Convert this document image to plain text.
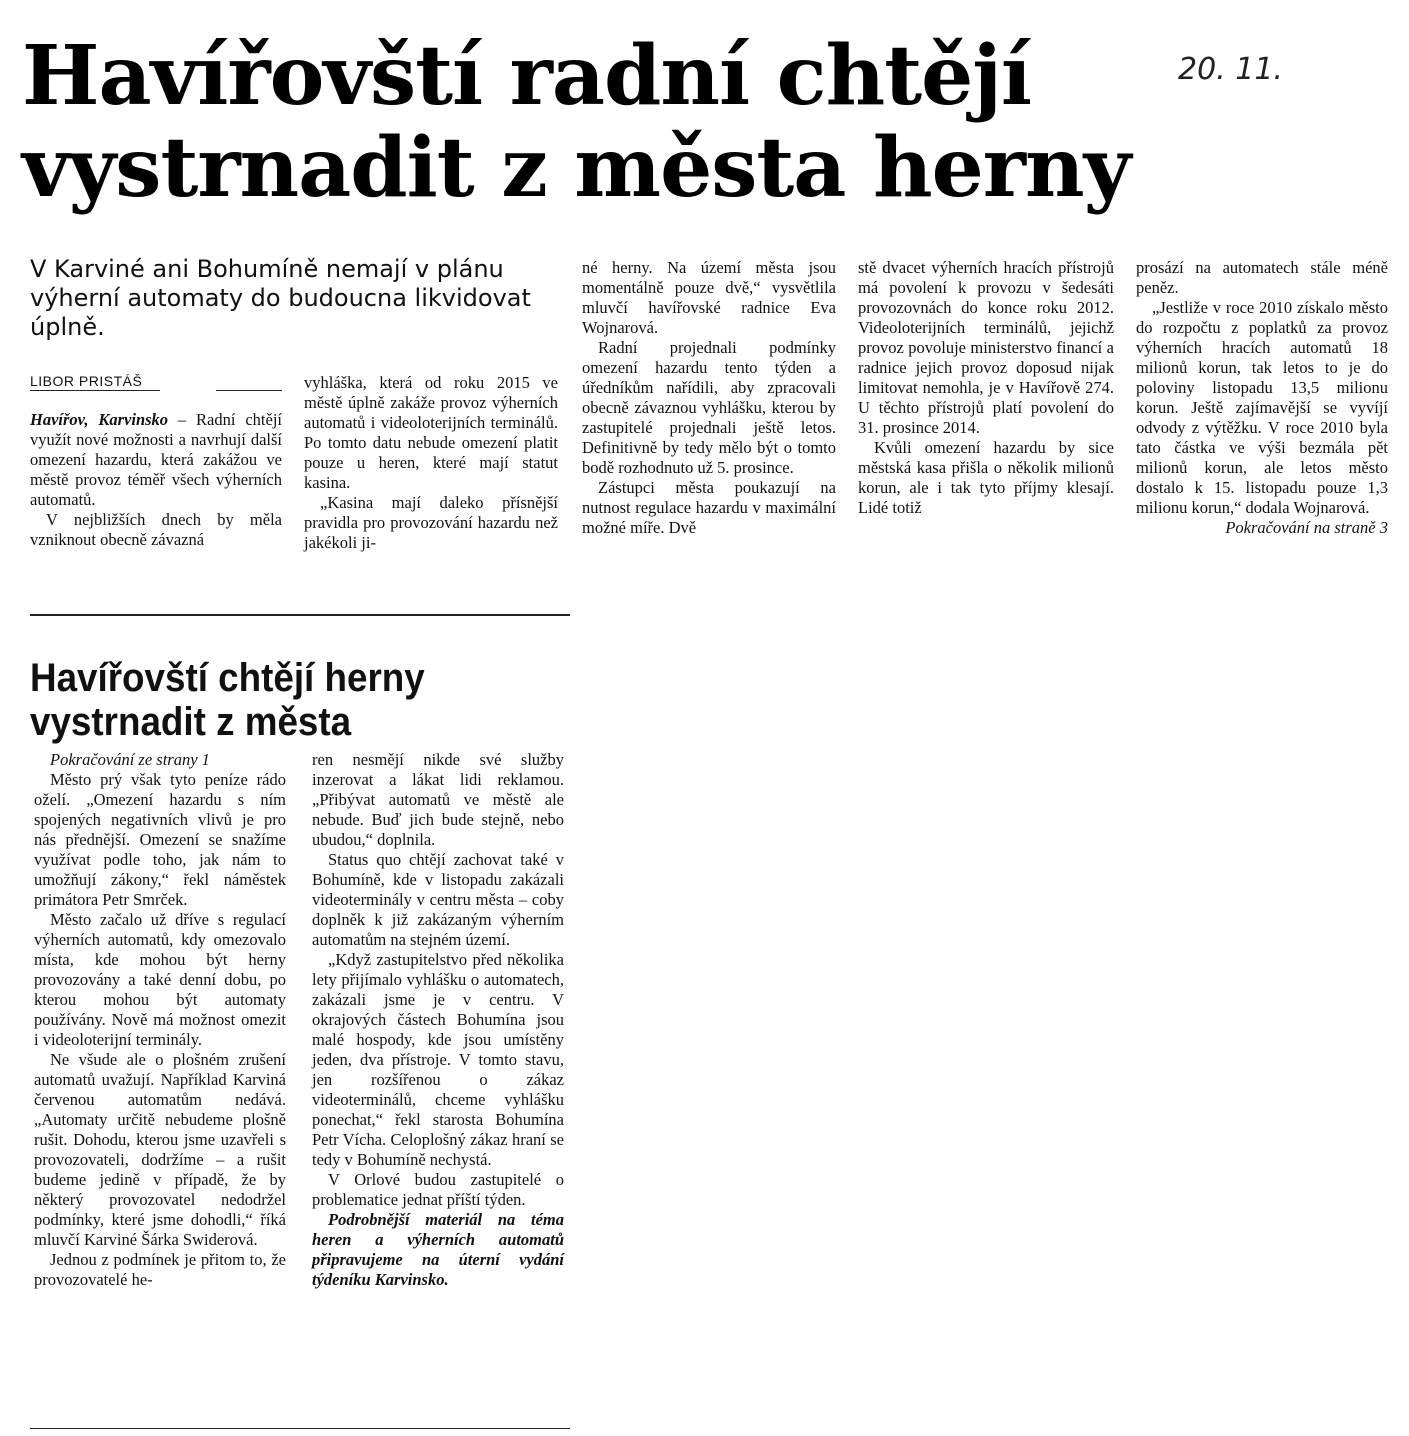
Havířovští radní chtějí
vystrnadit z města herny
20. 11.

V Karviné ani Bohumíně nemají v plánu výherní automaty do budoucna likvidovat úplně.

LIBOR PRISTÁŠ

Havířov, Karvinsko – Radní chtějí využít nové možnosti a navrhují další omezení hazardu, která zakážou ve městě provoz téměř všech výherních automatů.

V nejbližších dnech by měla vzniknout obecně závazná

vyhláška, která od roku 2015 ve městě úplně zakáže provoz výherních automatů i videoloterijních terminálů. Po tomto datu nebude omezení platit pouze u heren, které mají statut kasina.

„Kasina mají daleko přísnější pravidla pro provozování hazardu než jakékoli ji-

né herny. Na území města jsou momentálně pouze dvě,“ vysvětlila mluvčí havířovské radnice Eva Wojnarová.

Radní projednali podmínky omezení hazardu tento týden a úředníkům nařídili, aby zpracovali obecně závaznou vyhlášku, kterou by zastupitelé projednali ještě letos. Definitivně by tedy mělo být o tomto bodě rozhodnuto už 5. prosince.

Zástupci města poukazují na nutnost regulace hazardu v maximální možné míře. Dvě

stě dvacet výherních hracích přístrojů má povolení k provozu v šedesáti provozovnách do konce roku 2012. Videoloterijních terminálů, jejichž provoz povoluje ministerstvo financí a radnice jejich provoz doposud nijak limitovat nemohla, je v Havířově 274. U těchto přístrojů platí povolení do 31. prosince 2014.

Kvůli omezení hazardu by sice městská kasa přišla o několik milionů korun, ale i tak tyto příjmy klesají. Lidé totiž

prosází na automatech stále méně peněz.

„Jestliže v roce 2010 získalo město do rozpočtu z poplatků za provoz výherních hracích automatů 18 milionů korun, tak letos to je do poloviny listopadu 13,5 milionu korun. Ještě zajímavější se vyvíjí odvody z výtěžku. V roce 2010 byla tato částka ve výši bezmála pět milionů korun, ale letos město dostalo k 15. listopadu pouze 1,3 milionu korun,“ dodala Wojnarová.

Pokračování na straně 3

Havířovští chtějí herny
vystrnadit z města

Pokračování ze strany 1

Město prý však tyto peníze rádo oželí. „Omezení hazardu s ním spojených negativních vlivů je pro nás přednější. Omezení se snažíme využívat podle toho, jak nám to umožňují zákony,“ řekl náměstek primátora Petr Smrček.

Město začalo už dříve s regulací výherních automatů, kdy omezovalo místa, kde mohou být herny provozovány a také denní dobu, po kterou mohou být automaty používány. Nově má možnost omezit i videoloterijní terminály.

Ne všude ale o plošném zrušení automatů uvažují. Například Karviná červenou automatům nedává. „Automaty určitě nebudeme plošně rušit. Dohodu, kterou jsme uzavřeli s provozovateli, dodržíme – a rušit budeme jedině v případě, že by některý provozovatel nedodržel podmínky, které jsme dohodli,“ říká mluvčí Karviné Šárka Swiderová.

Jednou z podmínek je přitom to, že provozovatelé he-

ren nesmějí nikde své služby inzerovat a lákat lidi reklamou. „Přibývat automatů ve městě ale nebude. Buď jich bude stejně, nebo ubudou,“ doplnila.

Status quo chtějí zachovat také v Bohumíně, kde v listopadu zakázali videoterminály v centru města – coby doplněk k již zakázaným výherním automatům na stejném území.

„Když zastupitelstvo před několika lety přijímalo vyhlášku o automatech, zakázali jsme je v centru. V okrajových částech Bohumína jsou malé hospody, kde jsou umístěny jeden, dva přístroje. V tomto stavu, jen rozšířenou o zákaz videoterminálů, chceme vyhlášku ponechat,“ řekl starosta Bohumína Petr Vícha. Celoplošný zákaz hraní se tedy v Bohumíně nechystá.

V Orlové budou zastupitelé o problematice jednat příští týden.

Podrobnější materiál na téma heren a výherních automatů připravujeme na úterní vydání týdeníku Karvinsko.
